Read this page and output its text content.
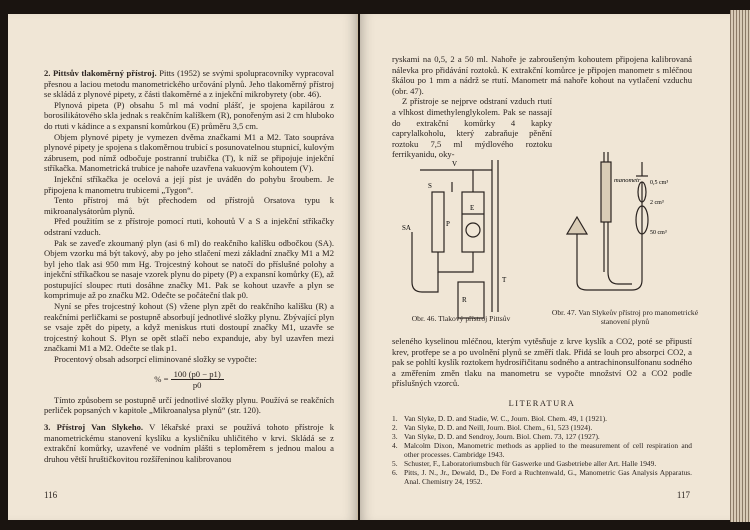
2. Pittsův tlakoměrný přístroj. Pitts (1952) se svými spolupracovníky vypracoval přesnou a laciou metodu manometrického určování plynů. Jeho tlakoměrný přístroj se skládá z plynové pipety, z části tlakoměrné a z injekční mikrobyrety (obr. 46).

Plynová pipeta (P) obsahu 5 ml má vodní plášť, je spojena kapilárou z borosilikátového skla jednak s reakčním kalíškem (R), ponořeným asi 2 cm hluboko do rtuti v kádince a s expansní komůrkou (E) průměru 3,5 cm.

Objem plynové pipety je vymezen dvěma značkami M1 a M2. Tato soupráva plynové pipety je spojena s tlakoměrnou trubicí s posunovatelnou stupnicí, kulovým zábrusem, pod nímž odbočuje postranní trubička (T), k níž se připojuje injekční stříkačka. Manometrická trubice je nahoře uzavřena vakuovým kohoutem (V).

Injekční stříkačka je ocelová a její píst je uváděn do pohybu šroubem. Je připojena k manometru trubicemi „Tygon“.

Tento přístroj má být přechodem od přístrojů Orsatova typu k mikroanalysátorům plynů.

Před použitím se z přístroje pomocí rtuti, kohoutů V a S a injekční stříkačky odstraní vzduch.

Pak se zaveďe zkoumaný plyn (asi 6 ml) do reakčního kalíšku odbočkou (SA). Objem vzorku má být takový, aby po jeho stlačení mezi základní značky M1 a M2 byl jeho tlak asi 950 mm Hg. Trojcestný kohout se natočí do příslušné polohy a injekční stříkačkou se nasaje vzorek plynu do pipety (P) a expansní komůrky (E), až postupující sloupec rtuti dosáhne značky M1. Pak se kohout uzavře a plyn se komprimuje až po značku M2. Odečte se počáteční tlak p0.

Nyní se přes trojcestný kohout (S) vžene plyn zpět do reakčního kalíšku (R) a reakčními perličkami se postupně absorbují jednotlivé složky plynu. Zbývající plyn se vsaje zpět do pipety, a když meniskus rtuti dostoupí značky M1, uzavře se trojcestný kohout S. Plyn se opět stlačí nebo expanduje, aby byl uzavřen mezi značkami M1 a M2. Odečte se tlak p1.

Procentový obsah adsorpcí eliminované složky se vypočte:

% = $\frac{100 (p0 - p1)}{p0}$

Tímto způsobem se postupně určí jednotlivé složky plynu. Používá se reakčních perliček popsaných v kapitole „Mikroanalysa plynů“ (str. 120).

3. Přístroj Van Slykeho. V lékařské praxi se používá tohoto přístroje k manometrickému stanovení kyslíku a kysličníku uhličitého v krvi. Skládá se z extrakční komůrky, uzavřené ve vodním plášti s teploměrem s jednou malou a druhou větší hruštičkovitou rozšířeninou kalibrovanou

116

ryskami na 0,5, 2 a 50 ml. Nahoře je zabroušeným kohoutem připojena kalibrovaná nálevka pro přidávání roztoků. K extrakční komůrce je připojen manometr s mléčnou škálou po 1 mm a nádrž se rtutí. Manometr má nahoře kohout na vytlačení vzduchu (obr. 47).

Z přístroje se nejprve odstraní vzduch rtutí a vlhkost dimethylenglykolem. Pak se nassají do extrakční komůrky 4 kapky caprylalkoholu, který zabraňuje pěnění roztoku 7,5 ml mýdlového roztoku ferrikyanidu, oky-

V
S
SA
E
P
R
T
manometr 0,5 cm³
2 cm³
50 cm³
Obr. 46. Tlakový přístroj Pittsův
Obr. 47. Van Slykeův přístroj pro manometrické stanovení plynů

seleného kyselinou mléčnou, kterým vytěsňuje z krve kyslík a CO2, poté se připustí krev, protřepe se a po uvolnění plynů se změří tlak. Přidá se louh pro absorpci CO2, a pak se pohltí kyslík roztokem hydrosiřičitanu sodného a antrachinonsulfonanu sodného a změřením změn tlaku na manometru se vypočte množství O2 a CO2 podle příslušných vzorců.

LITERATURA

1. Van Slyke, D. D. and Stadie, W. C., Journ. Biol. Chem. 49, 1 (1921).
2. Van Slyke, D. D. and Neill, Journ. Biol. Chem., 61, 523 (1924).
3. Van Slyke, D. D. and Sendroy, Journ. Biol. Chem. 73, 127 (1927).
4. Malcolm Dixon, Manometric methods as applied to the measurement of cell respiration and other processes. Cambridge 1943.
5. Schuster, F., Laboratoriumsbuch für Gaswerke und Gasbetriebe aller Art. Halle 1949.
6. Pitts, J. N., Jr., Dewald, D., De Ford a Ruchtenwald, G., Manometric Gas Analysis Apparatus. Anal. Chemistry 24, 1952.
117
